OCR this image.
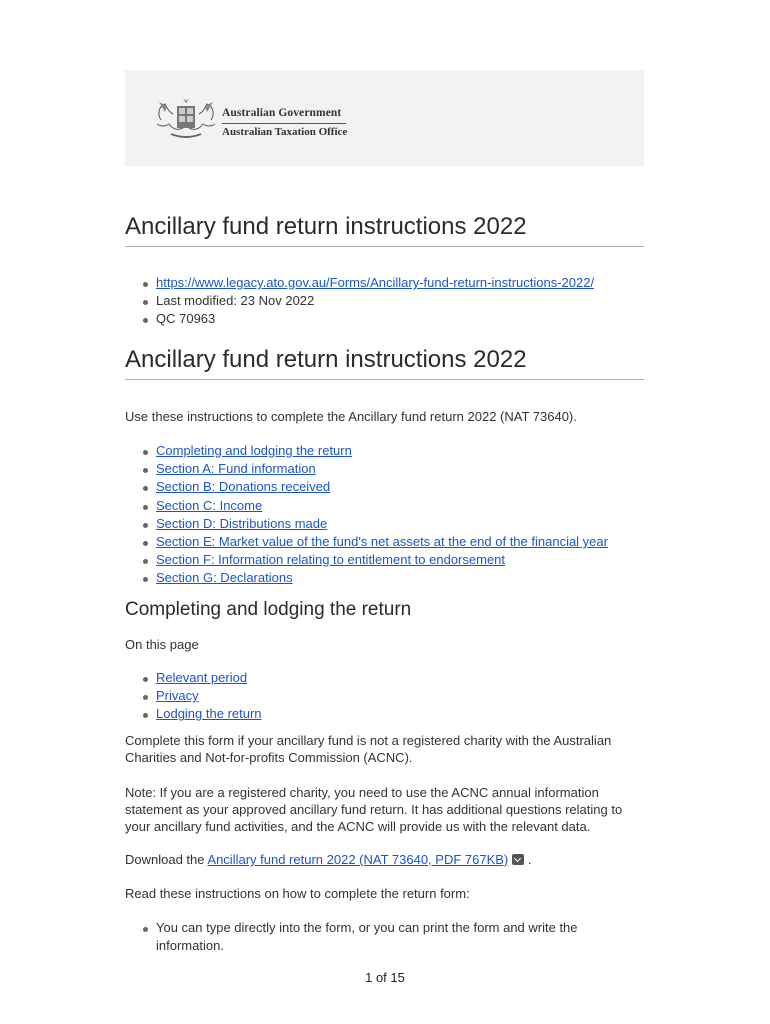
Australian Government
Australian Taxation Office
Ancillary fund return instructions 2022
https://www.legacy.ato.gov.au/Forms/Ancillary-fund-return-instructions-2022/
Last modified: 23 Nov 2022
QC 70963
Ancillary fund return instructions 2022

Use these instructions to complete the Ancillary fund return 2022 (NAT 73640).

Completing and lodging the return
Section A: Fund information
Section B: Donations received
Section C: Income
Section D: Distributions made
Section E: Market value of the fund's net assets at the end of the financial year
Section F: Information relating to entitlement to endorsement
Section G: Declarations
Completing and lodging the return

On this page

Relevant period
Privacy
Lodging the return

Complete this form if your ancillary fund is not a registered charity with the Australian Charities and Not-for-profits Commission (ACNC).

Note: If you are a registered charity, you need to use the ACNC annual information statement as your approved ancillary fund return. It has additional questions relating to your ancillary fund activities, and the ACNC will provide us with the relevant data.

Download the Ancillary fund return 2022 (NAT 73640, PDF 767KB) .

Read these instructions on how to complete the return form:

You can type directly into the form, or you can print the form and write the information.
1 of 15
